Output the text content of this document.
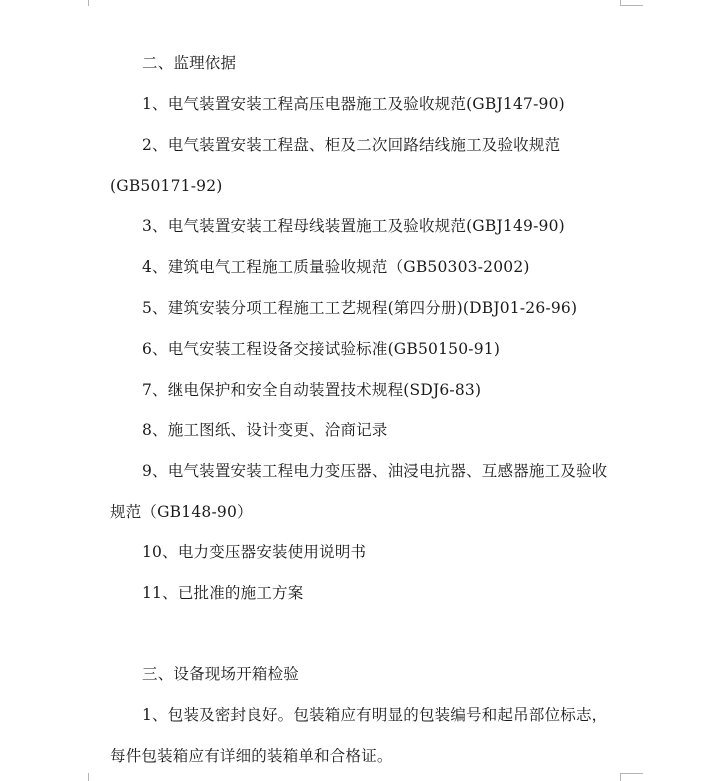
二、监理依据
1、电气装置安装工程高压电器施工及验收规范(GBJ147-90)
2、电气装置安装工程盘、柜及二次回路结线施工及验收规范
(GB50171-92)
3、电气装置安装工程母线装置施工及验收规范(GBJ149-90)
4、建筑电气工程施工质量验收规范（GB50303-2002)
5、建筑安装分项工程施工工艺规程(第四分册)(DBJ01-26-96)
6、电气安装工程设备交接试验标准(GB50150-91)
7、继电保护和安全自动装置技术规程(SDJ6-83)
8、施工图纸、设计变更、洽商记录
9、电气装置安装工程电力变压器、油浸电抗器、互感器施工及验收
规范（GB148-90）
10、电力变压器安装使用说明书
11、已批准的施工方案
三、设备现场开箱检验
1、包装及密封良好。包装箱应有明显的包装编号和起吊部位标志，
每件包装箱应有详细的装箱单和合格证。
